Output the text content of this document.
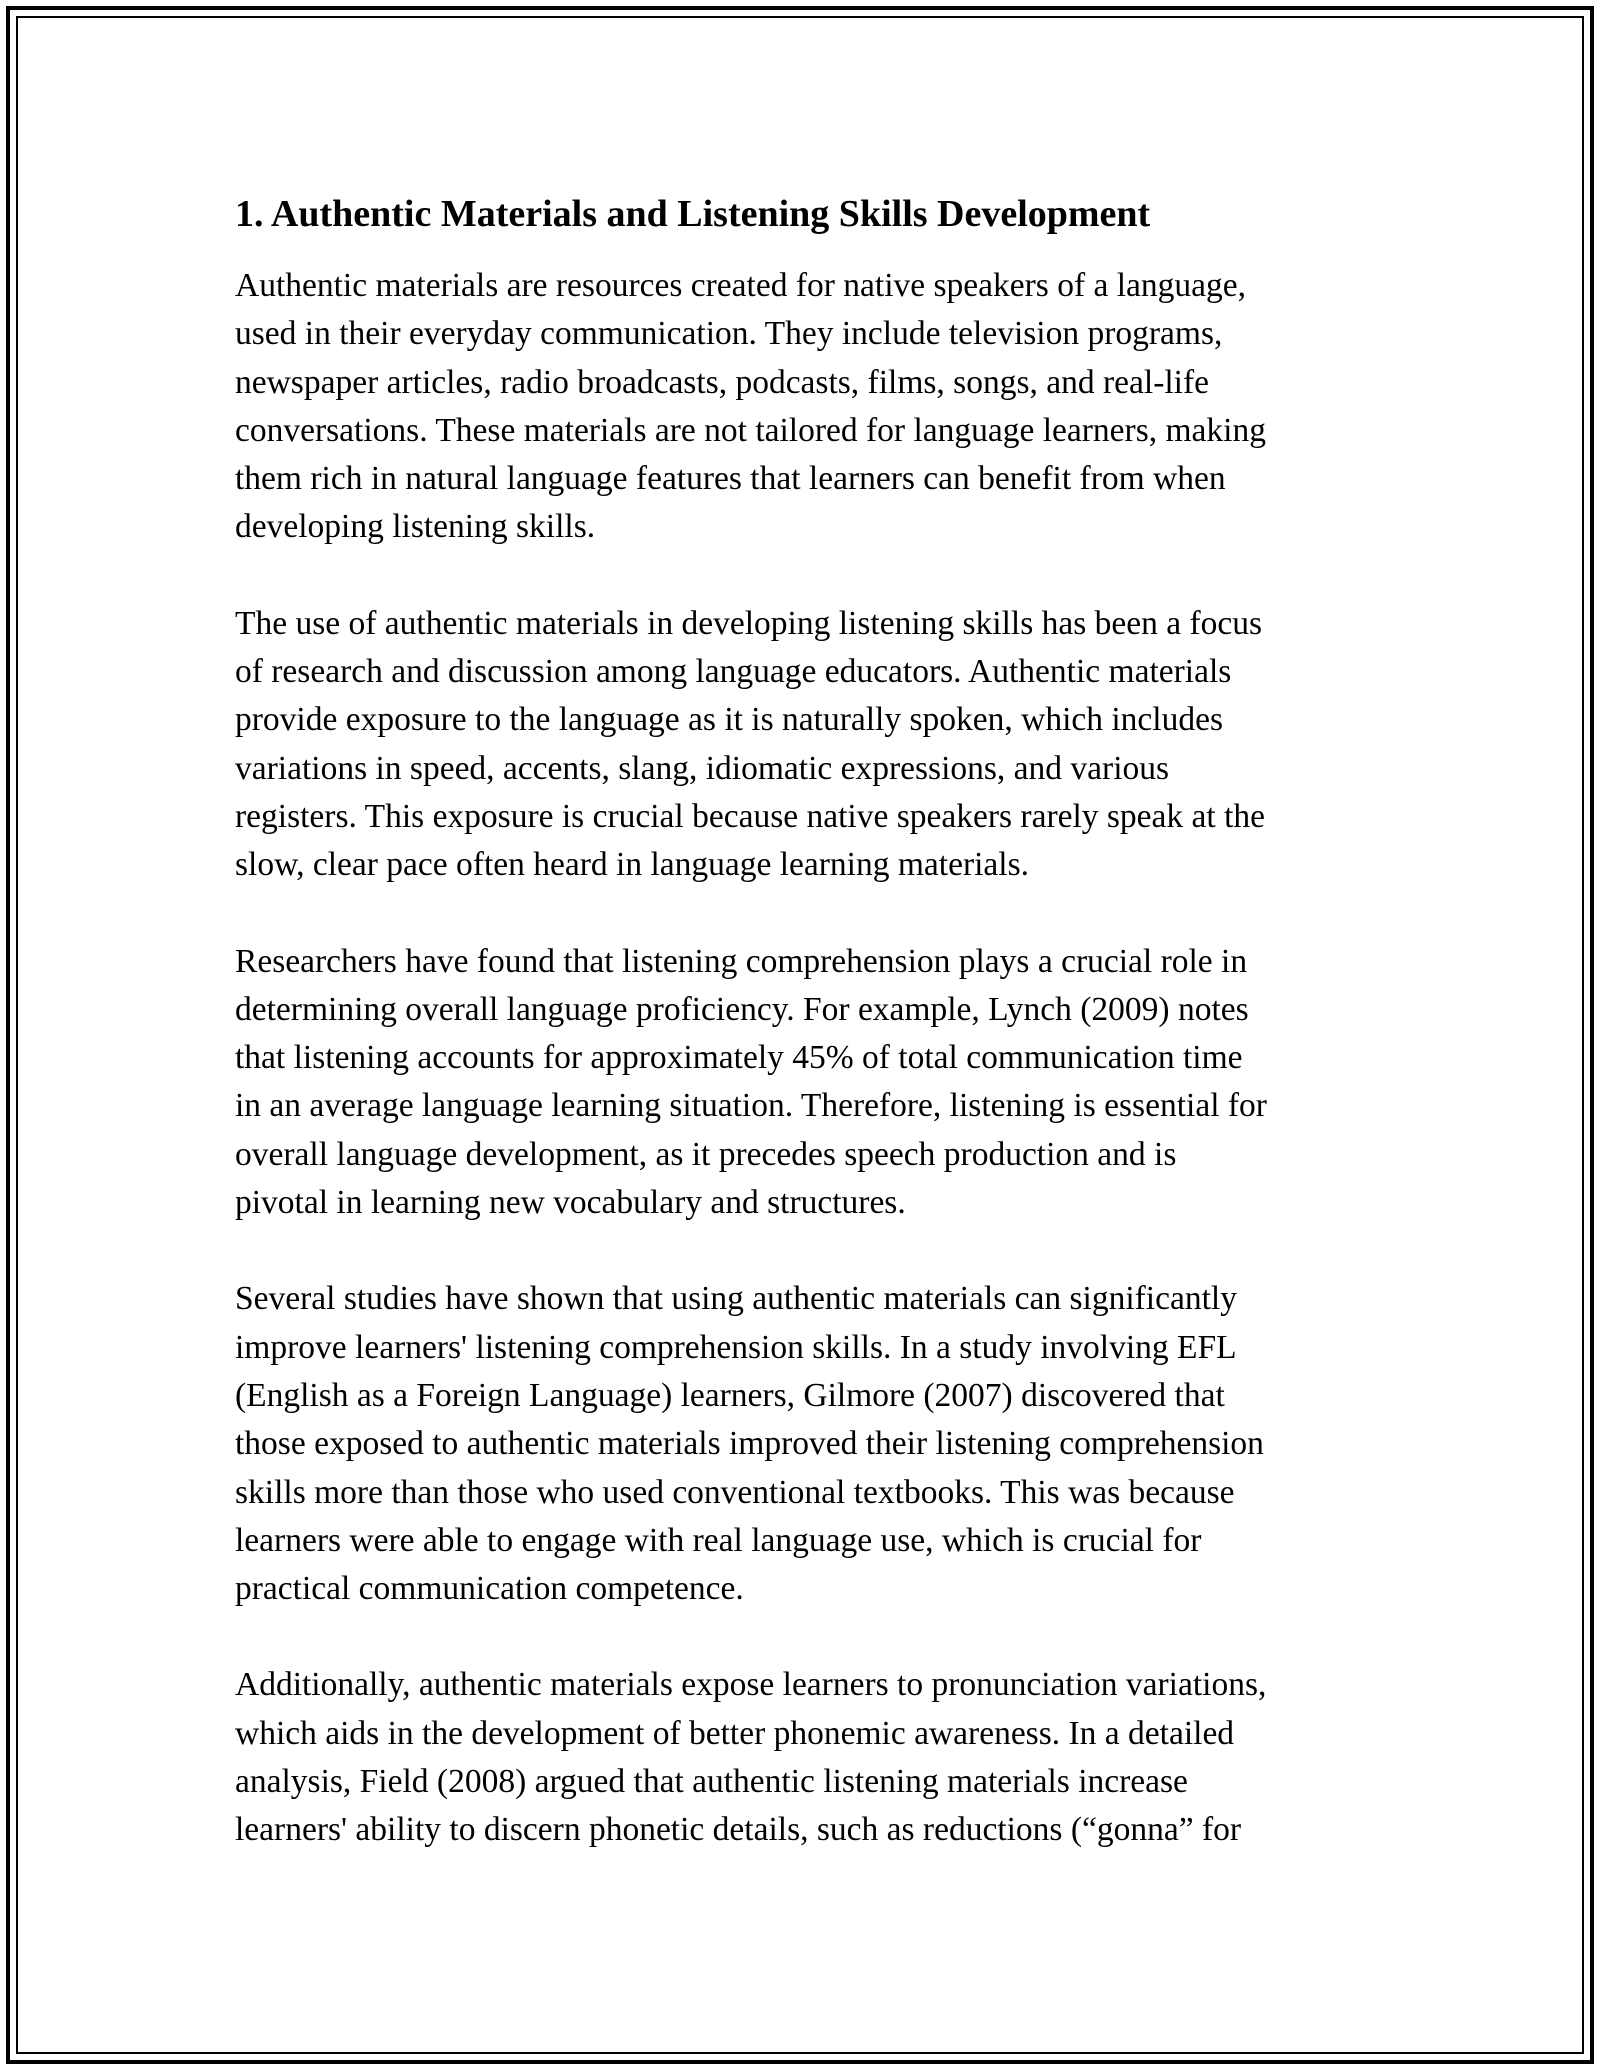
1. Authentic Materials and Listening Skills Development

Authentic materials are resources created for native speakers of a language,
used in their everyday communication. They include television programs,
newspaper articles, radio broadcasts, podcasts, films, songs, and real-life
conversations. These materials are not tailored for language learners, making
them rich in natural language features that learners can benefit from when
developing listening skills.

The use of authentic materials in developing listening skills has been a focus
of research and discussion among language educators. Authentic materials
provide exposure to the language as it is naturally spoken, which includes
variations in speed, accents, slang, idiomatic expressions, and various
registers. This exposure is crucial because native speakers rarely speak at the
slow, clear pace often heard in language learning materials.

Researchers have found that listening comprehension plays a crucial role in
determining overall language proficiency. For example, Lynch (2009) notes
that listening accounts for approximately 45% of total communication time
in an average language learning situation. Therefore, listening is essential for
overall language development, as it precedes speech production and is
pivotal in learning new vocabulary and structures.

Several studies have shown that using authentic materials can significantly
improve learners' listening comprehension skills. In a study involving EFL
(English as a Foreign Language) learners, Gilmore (2007) discovered that
those exposed to authentic materials improved their listening comprehension
skills more than those who used conventional textbooks. This was because
learners were able to engage with real language use, which is crucial for
practical communication competence.

Additionally, authentic materials expose learners to pronunciation variations,
which aids in the development of better phonemic awareness. In a detailed
analysis, Field (2008) argued that authentic listening materials increase
learners' ability to discern phonetic details, such as reductions (“gonna” for
